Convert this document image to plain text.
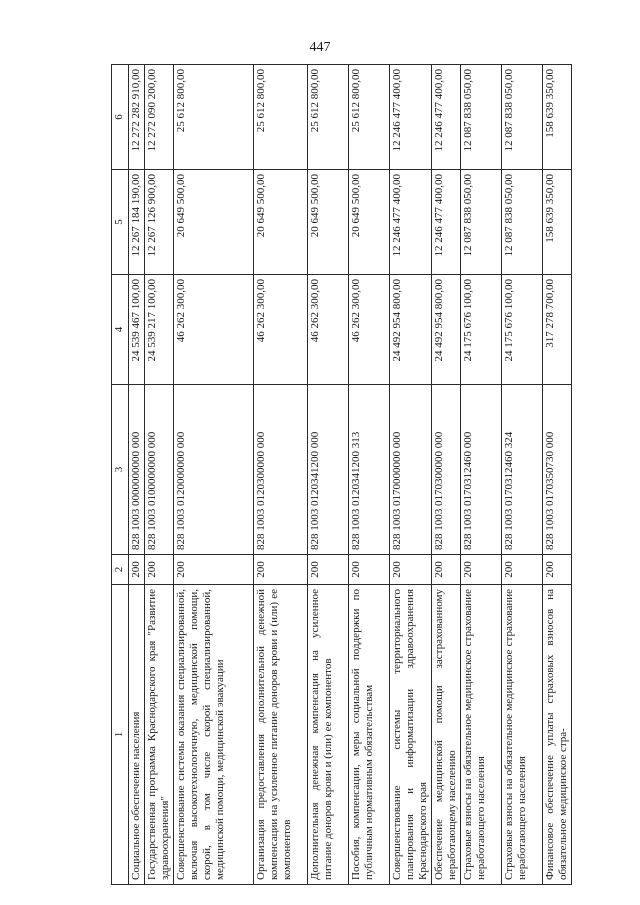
447
1	2	3	4	5	6
Социальное обеспечение населения	200	828 1003 0000000000 000	24 539 467 100,00	12 267 184 190,00	12 272 282 910,00
Государственная программа Краснодарского края "Развитие здравоохранения"	200	828 1003 0100000000 000	24 539 217 100,00	12 267 126 900,00	12 272 090 200,00
Совершенствование системы оказания специализированной, включая высокотехнологичную, медицинской помощи, скорой, в том числе скорой специализированной, медицинской помощи, медицинской эвакуации	200	828 1003 0120000000 000	46 262 300,00	20 649 500,00	25 612 800,00
Организация предоставления дополнительной денежной компенсации на усиленное питание доноров крови и (или) ее компонентов	200	828 1003 0120300000 000	46 262 300,00	20 649 500,00	25 612 800,00
Дополнительная денежная компенсация на усиленное питание доноров крови и (или) ее компонентов	200	828 1003 0120341200 000	46 262 300,00	20 649 500,00	25 612 800,00
Пособия, компенсации, меры социальной поддержки по публичным нормативным обязательствам	200	828 1003 0120341200 313	46 262 300,00	20 649 500,00	25 612 800,00
Совершенствование системы территориального планирования и информатизации здравоохранения Краснодарского края	200	828 1003 0170000000 000	24 492 954 800,00	12 246 477 400,00	12 246 477 400,00
Обеспечение медицинской помощи застрахованному неработающему населению	200	828 1003 0170300000 000	24 492 954 800,00	12 246 477 400,00	12 246 477 400,00
Страховые взносы на обязательное медицинское страхование неработающего населения	200	828 1003 0170312460 000	24 175 676 100,00	12 087 838 050,00	12 087 838 050,00
Страховые взносы на обязательное медицинское страхование неработающего населения	200	828 1003 0170312460 324	24 175 676 100,00	12 087 838 050,00	12 087 838 050,00
Финансовое обеспечение уплаты страховых взносов на обязательное медицинское стра-	200	828 1003 0170350730 000	317 278 700,00	158 639 350,00	158 639 350,00
